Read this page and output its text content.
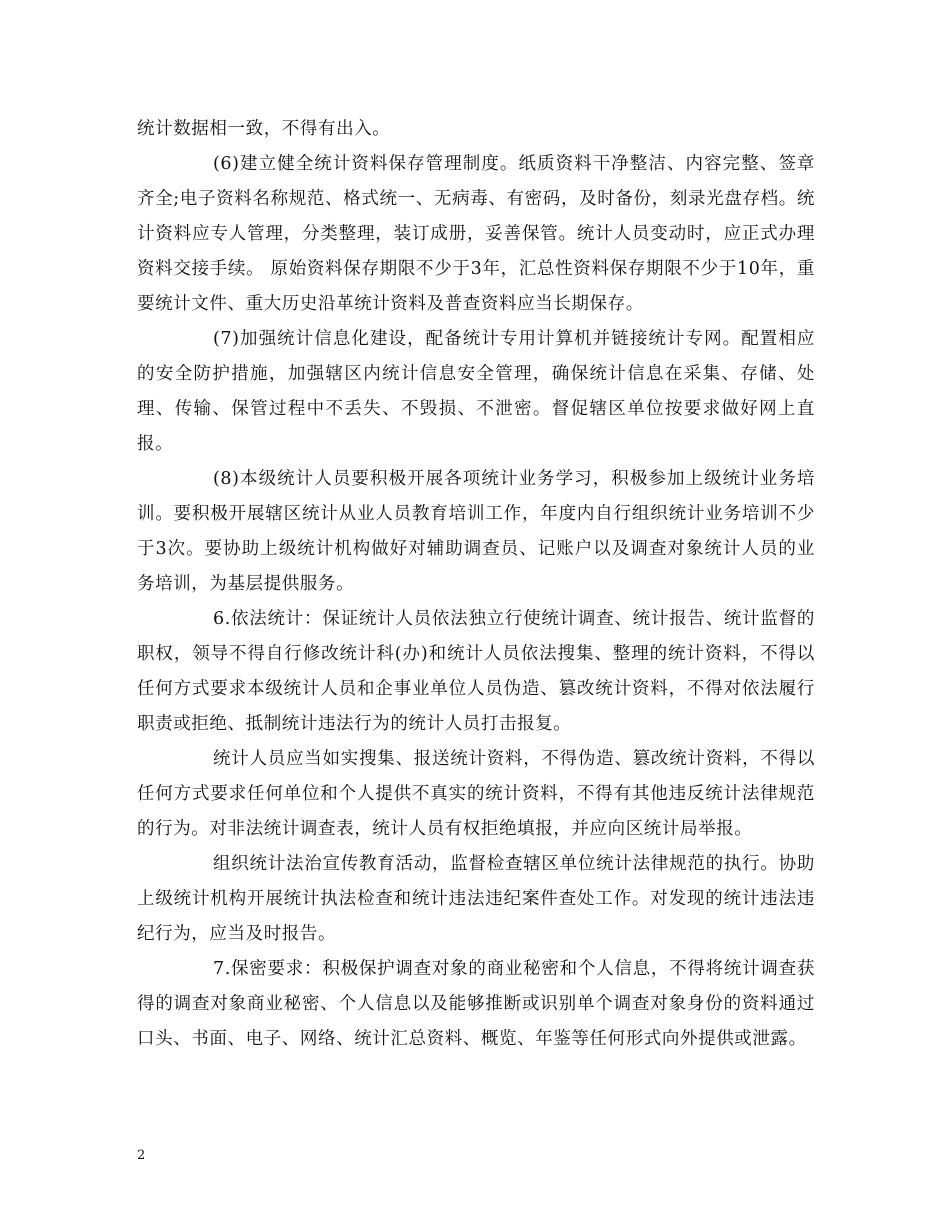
统计数据相一致，不得有出入。

(6)建立健全统计资料保存管理制度。纸质资料干净整洁、内容完整、签章齐全;电子资料名称规范、格式统一、无病毒、有密码，及时备份，刻录光盘存档。统计资料应专人管理，分类整理，装订成册，妥善保管。统计人员变动时，应正式办理资料交接手续。 原始资料保存期限不少于3年，汇总性资料保存期限不少于10年，重要统计文件、重大历史沿革统计资料及普查资料应当长期保存。

(7)加强统计信息化建设，配备统计专用计算机并链接统计专网。配置相应的安全防护措施，加强辖区内统计信息安全管理，确保统计信息在采集、存储、处理、传输、保管过程中不丢失、不毁损、不泄密。督促辖区单位按要求做好网上直报。

(8)本级统计人员要积极开展各项统计业务学习，积极参加上级统计业务培训。要积极开展辖区统计从业人员教育培训工作，年度内自行组织统计业务培训不少于3次。要协助上级统计机构做好对辅助调查员、记账户以及调查对象统计人员的业务培训，为基层提供服务。

6.依法统计：保证统计人员依法独立行使统计调查、统计报告、统计监督的职权，领导不得自行修改统计科(办)和统计人员依法搜集、整理的统计资料，不得以任何方式要求本级统计人员和企事业单位人员伪造、篡改统计资料，不得对依法履行职责或拒绝、抵制统计违法行为的统计人员打击报复。

统计人员应当如实搜集、报送统计资料，不得伪造、篡改统计资料，不得以任何方式要求任何单位和个人提供不真实的统计资料，不得有其他违反统计法律规范的行为。对非法统计调查表，统计人员有权拒绝填报，并应向区统计局举报。

组织统计法治宣传教育活动，监督检查辖区单位统计法律规范的执行。协助上级统计机构开展统计执法检查和统计违法违纪案件查处工作。对发现的统计违法违纪行为，应当及时报告。

7.保密要求：积极保护调查对象的商业秘密和个人信息，不得将统计调查获得的调查对象商业秘密、个人信息以及能够推断或识别单个调查对象身份的资料通过口头、书面、电子、网络、统计汇总资料、概览、年鉴等任何形式向外提供或泄露。

2
